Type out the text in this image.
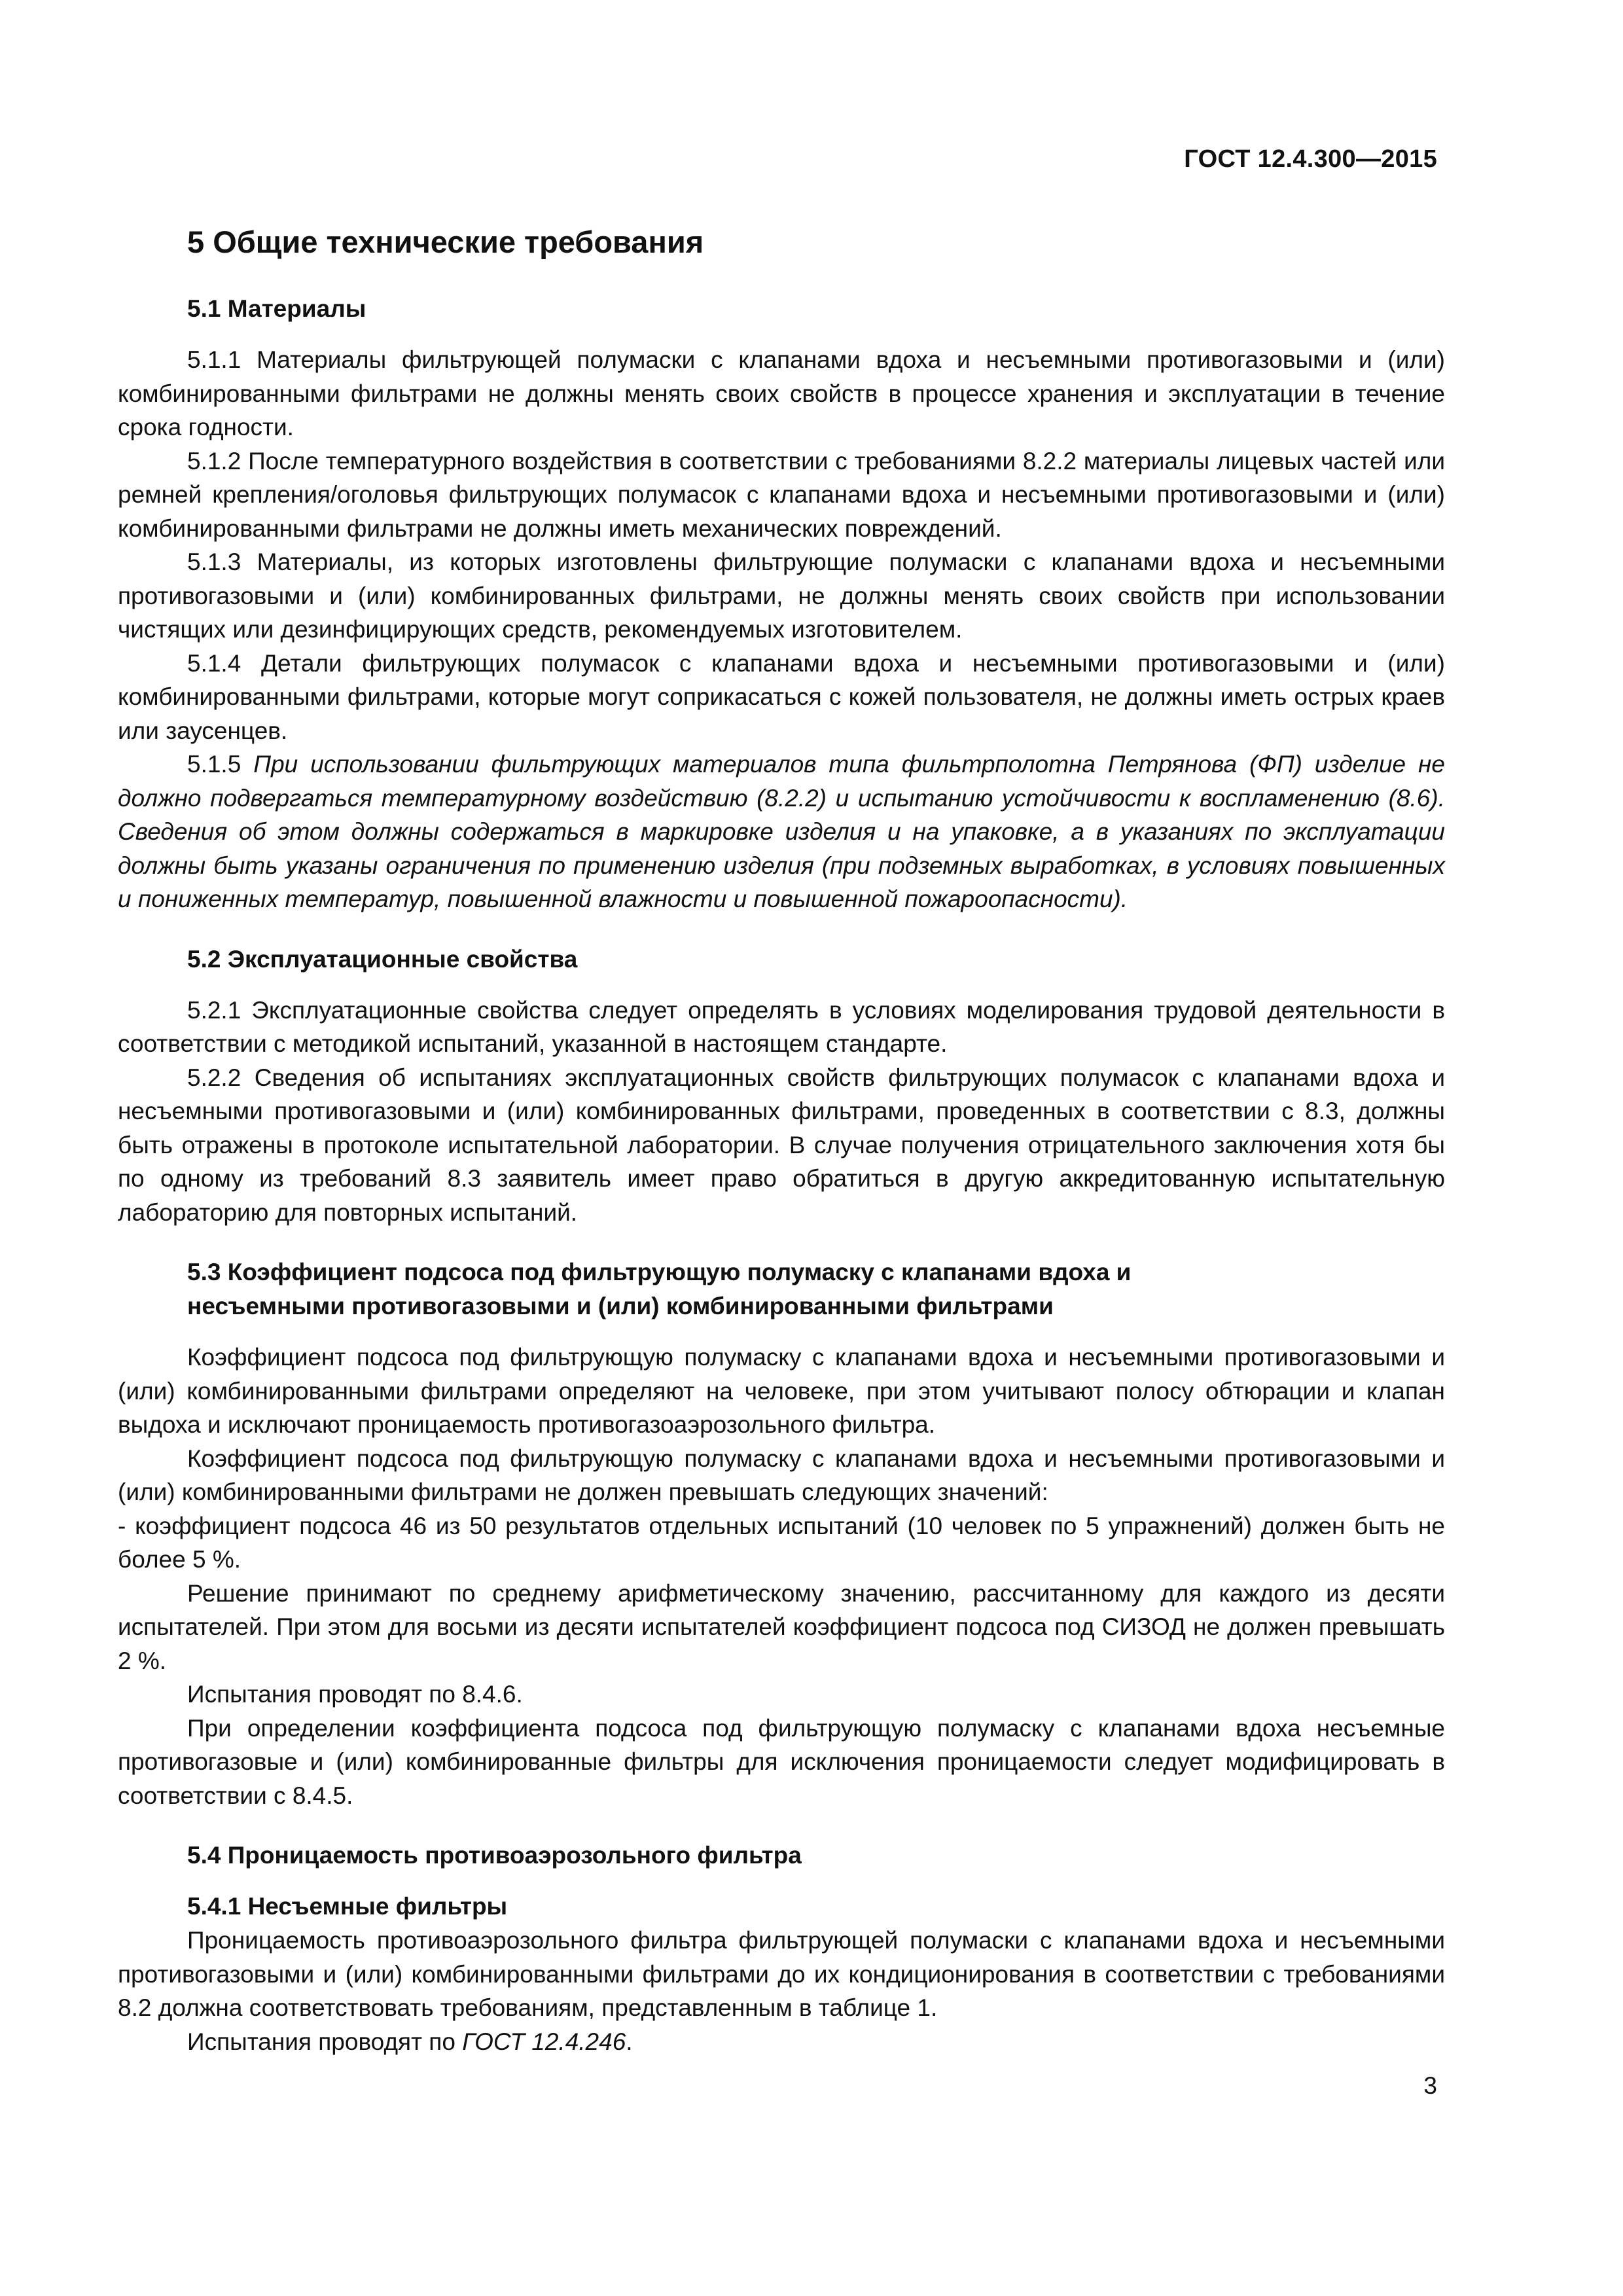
ГОСТ 12.4.300—2015
5 Общие технические требования
5.1 Материалы

5.1.1 Материалы фильтрующей полумаски с клапанами вдоха и несъемными противогазовыми и (или) комбинированными фильтрами не должны менять своих свойств в процессе хранения и эксплуатации в течение срока годности.

5.1.2 После температурного воздействия в соответствии с требованиями 8.2.2 материалы лицевых частей или ремней крепления/оголовья фильтрующих полумасок с клапанами вдоха и несъемными противогазовыми и (или) комбинированными фильтрами не должны иметь механических повреждений.

5.1.3 Материалы, из которых изготовлены фильтрующие полумаски с клапанами вдоха и несъемными противогазовыми и (или) комбинированных фильтрами, не должны менять своих свойств при использовании чистящих или дезинфицирующих средств, рекомендуемых изготовителем.

5.1.4 Детали фильтрующих полумасок с клапанами вдоха и несъемными противогазовыми и (или) комбинированными фильтрами, которые могут соприкасаться с кожей пользователя, не должны иметь острых краев или заусенцев.

5.1.5 При использовании фильтрующих материалов типа фильтрполотна Петрянова (ФП) изделие не должно подвергаться температурному воздействию (8.2.2) и испытанию устойчивости к воспламенению (8.6). Сведения об этом должны содержаться в маркировке изделия и на упаковке, а в указаниях по эксплуатации должны быть указаны ограничения по применению изделия (при подземных выработках, в условиях повышенных и пониженных температур, повышенной влажности и повышенной пожароопасности).

5.2 Эксплуатационные свойства

5.2.1 Эксплуатационные свойства следует определять в условиях моделирования трудовой деятельности в соответствии с методикой испытаний, указанной в настоящем стандарте.

5.2.2 Сведения об испытаниях эксплуатационных свойств фильтрующих полумасок с клапанами вдоха и несъемными противогазовыми и (или) комбинированных фильтрами, проведенных в соответствии с 8.3, должны быть отражены в протоколе испытательной лаборатории. В случае получения отрицательного заключения хотя бы по одному из требований 8.3 заявитель имеет право обратиться в другую аккредитованную испытательную лабораторию для повторных испытаний.

5.3 Коэффициент подсоса под фильтрующую полумаску с клапанами вдоха и
несъемными противогазовыми и (или) комбинированными фильтрами

Коэффициент подсоса под фильтрующую полумаску с клапанами вдоха и несъемными противогазовыми и (или) комбинированными фильтрами определяют на человеке, при этом учитывают полосу обтюрации и клапан выдоха и исключают проницаемость противогазоаэрозольного фильтра.

Коэффициент подсоса под фильтрующую полумаску с клапанами вдоха и несъемными противогазовыми и (или) комбинированными фильтрами не должен превышать следующих значений:

- коэффициент подсоса 46 из 50 результатов отдельных испытаний (10 человек по 5 упражнений) должен быть не более 5 %.

Решение принимают по среднему арифметическому значению, рассчитанному для каждого из десяти испытателей. При этом для восьми из десяти испытателей коэффициент подсоса под СИЗОД не должен превышать 2 %.

Испытания проводят по 8.4.6.

При определении коэффициента подсоса под фильтрующую полумаску с клапанами вдоха несъемные противогазовые и (или) комбинированные фильтры для исключения проницаемости следует модифицировать в соответствии с 8.4.5.

5.4 Проницаемость противоаэрозольного фильтра
5.4.1 Несъемные фильтры

Проницаемость противоаэрозольного фильтра фильтрующей полумаски с клапанами вдоха и несъемными противогазовыми и (или) комбинированными фильтрами до их кондиционирования в соответствии с требованиями 8.2 должна соответствовать требованиям, представленным в таблице 1.

Испытания проводят по ГОСТ 12.4.246.

3
